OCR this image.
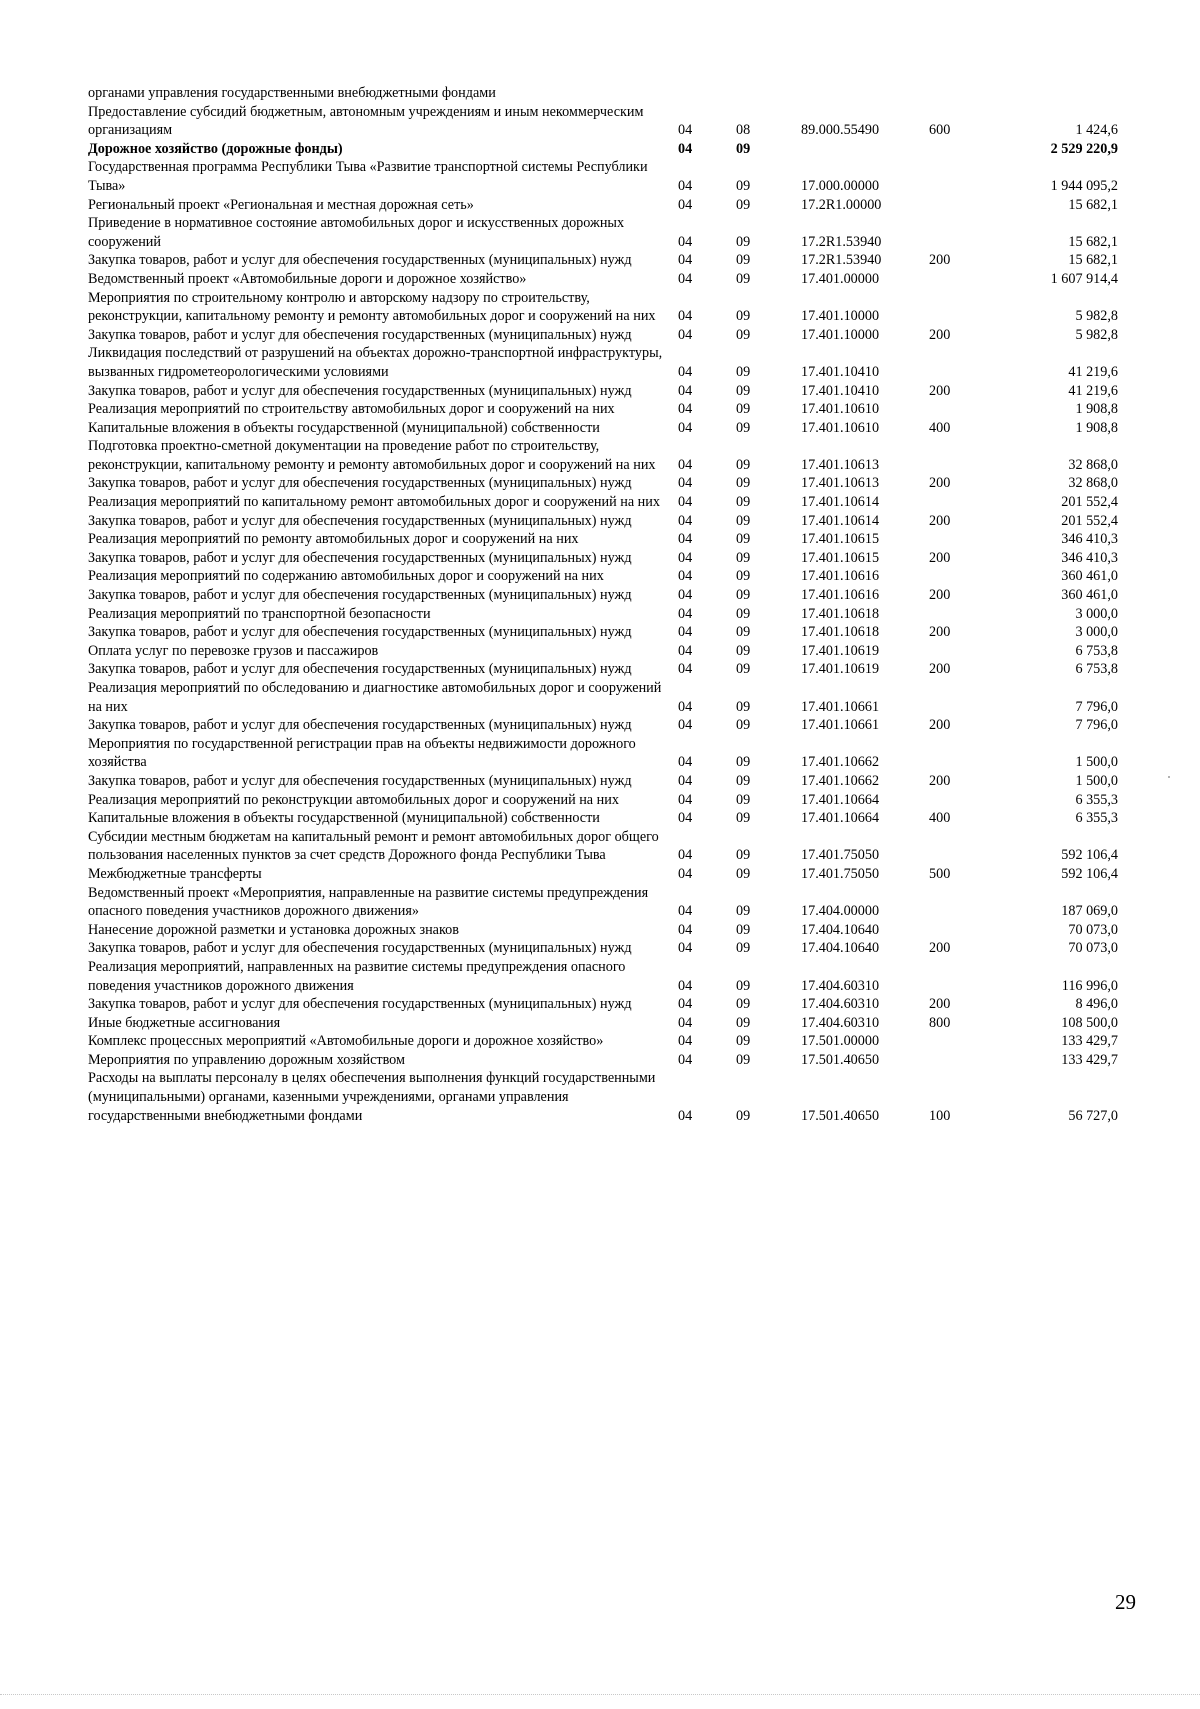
органами управления государственными внебюджетными фондами					
Предоставление субсидий бюджетным, автономным учреждениям и иным некоммерческим организациям	04	08	89.000.55490	600	1 424,6
Дорожное хозяйство (дорожные фонды)	04	09			2 529 220,9
Государственная программа Республики Тыва «Развитие транспортной системы Республики Тыва»	04	09	17.000.00000		1 944 095,2
Региональный проект «Региональная и местная дорожная сеть»	04	09	17.2R1.00000		15 682,1
Приведение в нормативное состояние автомобильных дорог и искусственных дорожных сооружений	04	09	17.2R1.53940		15 682,1
Закупка товаров, работ и услуг для обеспечения государственных (муниципальных) нужд	04	09	17.2R1.53940	200	15 682,1
Ведомственный проект «Автомобильные дороги и дорожное хозяйство»	04	09	17.401.00000		1 607 914,4
Мероприятия по строительному контролю и авторскому надзору по строительству, реконструкции, капитальному ремонту и ремонту автомобильных дорог и сооружений на них	04	09	17.401.10000		5 982,8
Закупка товаров, работ и услуг для обеспечения государственных (муниципальных) нужд	04	09	17.401.10000	200	5 982,8
Ликвидация последствий от разрушений на объектах дорожно-транспортной инфраструктуры, вызванных гидрометеорологическими условиями	04	09	17.401.10410		41 219,6
Закупка товаров, работ и услуг для обеспечения государственных (муниципальных) нужд	04	09	17.401.10410	200	41 219,6
Реализация мероприятий по строительству автомобильных дорог и сооружений на них	04	09	17.401.10610		1 908,8
Капитальные вложения в объекты государственной (муниципальной) собственности	04	09	17.401.10610	400	1 908,8
Подготовка проектно-сметной документации на проведение работ по строительству, реконструкции, капитальному ремонту и ремонту автомобильных дорог и сооружений на них	04	09	17.401.10613		32 868,0
Закупка товаров, работ и услуг для обеспечения государственных (муниципальных) нужд	04	09	17.401.10613	200	32 868,0
Реализация мероприятий по капитальному ремонт автомобильных дорог и сооружений на них	04	09	17.401.10614		201 552,4
Закупка товаров, работ и услуг для обеспечения государственных (муниципальных) нужд	04	09	17.401.10614	200	201 552,4
Реализация мероприятий по ремонту автомобильных дорог и сооружений на них	04	09	17.401.10615		346 410,3
Закупка товаров, работ и услуг для обеспечения государственных (муниципальных) нужд	04	09	17.401.10615	200	346 410,3
Реализация мероприятий по содержанию автомобильных дорог и сооружений на них	04	09	17.401.10616		360 461,0
Закупка товаров, работ и услуг для обеспечения государственных (муниципальных) нужд	04	09	17.401.10616	200	360 461,0
Реализация мероприятий по транспортной безопасности	04	09	17.401.10618		3 000,0
Закупка товаров, работ и услуг для обеспечения государственных (муниципальных) нужд	04	09	17.401.10618	200	3 000,0
Оплата услуг по перевозке грузов и пассажиров	04	09	17.401.10619		6 753,8
Закупка товаров, работ и услуг для обеспечения государственных (муниципальных) нужд	04	09	17.401.10619	200	6 753,8
Реализация мероприятий по обследованию и диагностике автомобильных дорог и сооружений на них	04	09	17.401.10661		7 796,0
Закупка товаров, работ и услуг для обеспечения государственных (муниципальных) нужд	04	09	17.401.10661	200	7 796,0
Мероприятия по государственной регистрации прав на объекты недвижимости дорожного хозяйства	04	09	17.401.10662		1 500,0
Закупка товаров, работ и услуг для обеспечения государственных (муниципальных) нужд	04	09	17.401.10662	200	1 500,0
Реализация мероприятий по реконструкции автомобильных дорог и сооружений на них	04	09	17.401.10664		6 355,3
Капитальные вложения в объекты государственной (муниципальной) собственности	04	09	17.401.10664	400	6 355,3
Субсидии местным бюджетам на капитальный ремонт и ремонт автомобильных дорог общего пользования населенных пунктов за счет средств Дорожного фонда Республики Тыва	04	09	17.401.75050		592 106,4
Межбюджетные трансферты	04	09	17.401.75050	500	592 106,4
Ведомственный проект «Мероприятия, направленные на развитие системы предупреждения опасного поведения участников дорожного движения»	04	09	17.404.00000		187 069,0
Нанесение дорожной разметки и установка дорожных знаков	04	09	17.404.10640		70 073,0
Закупка товаров, работ и услуг для обеспечения государственных (муниципальных) нужд	04	09	17.404.10640	200	70 073,0
Реализация мероприятий, направленных на развитие системы предупреждения опасного поведения участников дорожного движения	04	09	17.404.60310		116 996,0
Закупка товаров, работ и услуг для обеспечения государственных (муниципальных) нужд	04	09	17.404.60310	200	8 496,0
Иные бюджетные ассигнования	04	09	17.404.60310	800	108 500,0
Комплекс процессных мероприятий «Автомобильные дороги и дорожное хозяйство»	04	09	17.501.00000		133 429,7
Мероприятия по управлению дорожным хозяйством	04	09	17.501.40650		133 429,7
Расходы на выплаты персоналу в целях обеспечения выполнения функций государственными (муниципальными) органами, казенными учреждениями, органами управления государственными внебюджетными фондами	04	09	17.501.40650	100	56 727,0
29
